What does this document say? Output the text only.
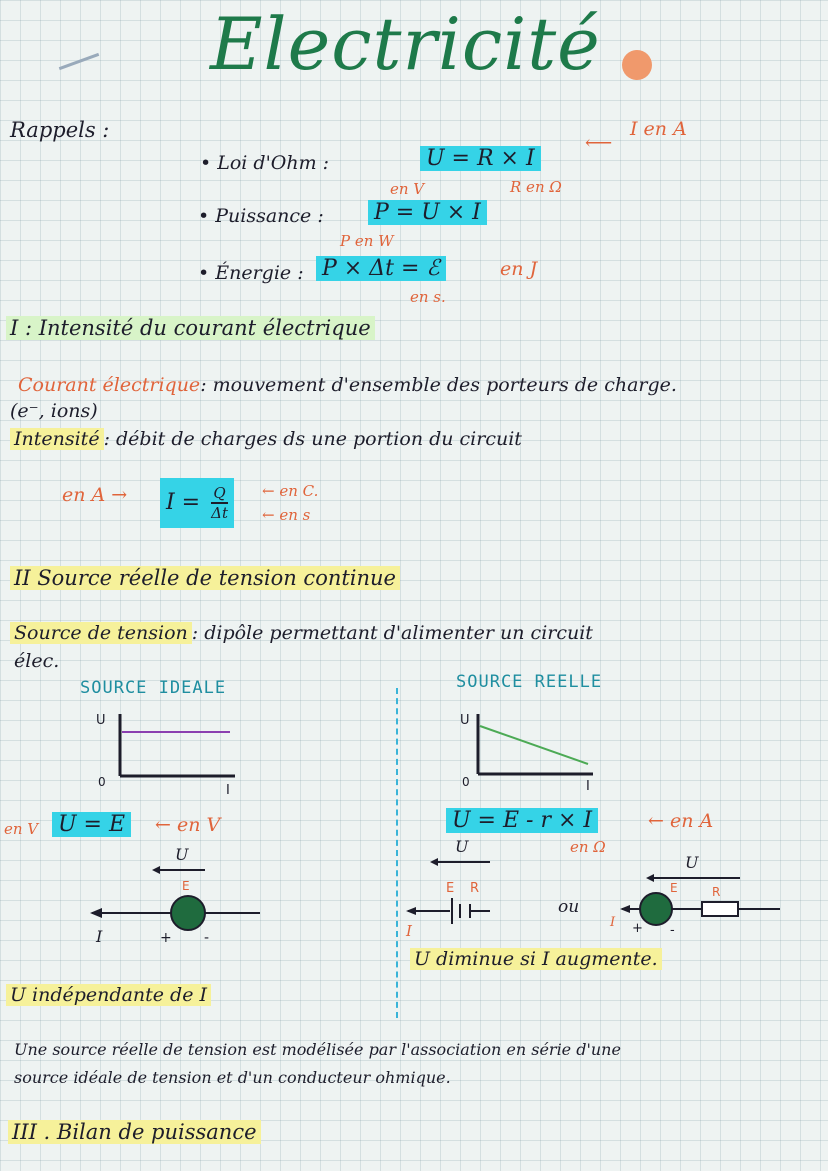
Electricité
Rappels :	I en A
⟵
• Loi d'Ohm :	U = R × I
en V	R en Ω
• Puissance : P = U × I
P en W
• Énergie : P × Δt = ℰ	en J
en s.
I : Intensité du courant électrique
Courant électrique: mouvement d'ensemble des porteurs de charge.
(e⁻, ions)
Intensité : débit de charges ds une portion du circuit
en $A \to I = \frac{Q}{\Delta t}$ ← en C.
← en s
II Source réelle de tension continue
Source de tension : dipôle permettant d'alimenter un circuit
élec.
SOURCE IDEALE
U
0
I
en V U = E	← en V
U
E
I	+ -
U indépendante de I
SOURCE REELLE
U
0	I
U = E - r × I	← en A
en Ω
U
E R
I
ou
U
E	R
I + -
U diminue si I augmente.
Une source réelle de tension est modélisée par l'association en série d'une
source idéale de tension et d'un conducteur ohmique.
III . Bilan de puissance
